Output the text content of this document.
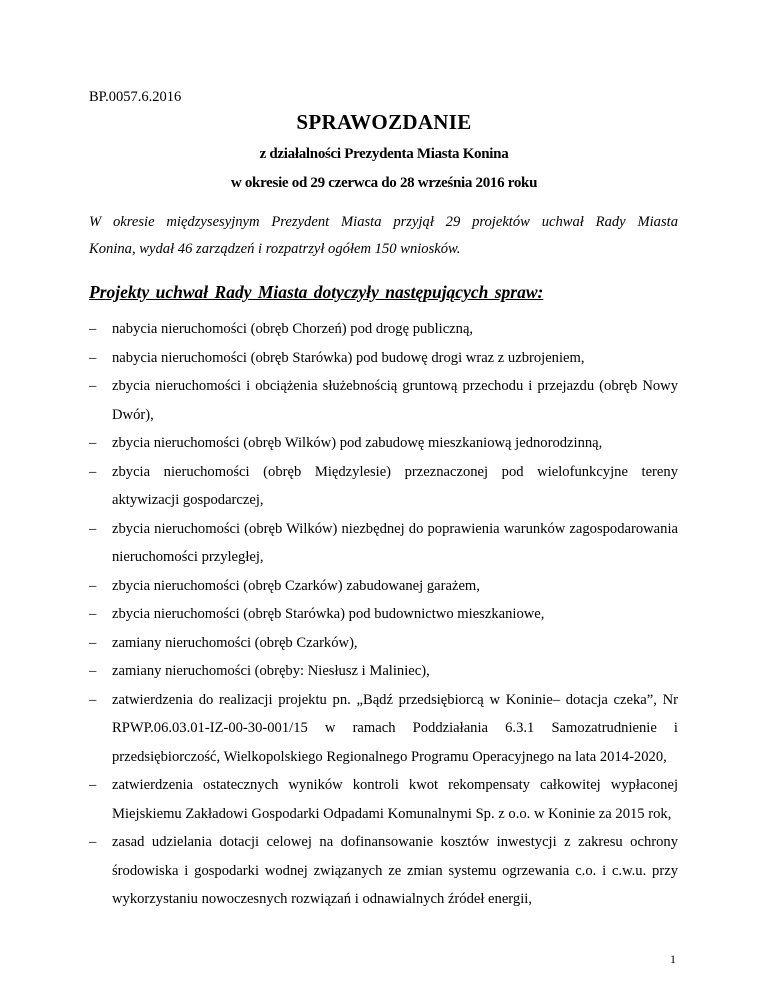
BP.0057.6.2016
SPRAWOZDANIE
z działalności Prezydenta Miasta Konina
w okresie od 29 czerwca do 28 września 2016 roku
W okresie międzysesyjnym Prezydent Miasta przyjął 29 projektów uchwał Rady Miasta
Konina, wydał 46 zarządzeń i rozpatrzył ogółem 150 wniosków.
Projekty uchwał Rady Miasta dotyczyły następujących spraw:
– nabycia nieruchomości (obręb Chorzeń) pod drogę publiczną,
– nabycia nieruchomości (obręb Starówka) pod budowę drogi wraz z uzbrojeniem,
– zbycia nieruchomości i obciążenia służebnością gruntową przechodu i przejazdu (obręb Nowy Dwór),
– zbycia nieruchomości (obręb Wilków) pod zabudowę mieszkaniową jednorodzinną,
– zbycia nieruchomości (obręb Międzylesie) przeznaczonej pod wielofunkcyjne tereny aktywizacji gospodarczej,
– zbycia nieruchomości (obręb Wilków) niezbędnej do poprawienia warunków zagospodarowania nieruchomości przyległej,
– zbycia nieruchomości (obręb Czarków) zabudowanej garażem,
– zbycia nieruchomości (obręb Starówka) pod budownictwo mieszkaniowe,
– zamiany nieruchomości (obręb Czarków),
– zamiany nieruchomości (obręby: Niesłusz i Maliniec),
– zatwierdzenia do realizacji projektu pn. „Bądź przedsiębiorcą w Koninie– dotacja czeka”, Nr RPWP.06.03.01-IZ-00-30-001/15 w ramach Poddziałania 6.3.1 Samozatrudnienie i przedsiębiorczość, Wielkopolskiego Regionalnego Programu Operacyjnego na lata 2014-2020,
– zatwierdzenia ostatecznych wyników kontroli kwot rekompensaty całkowitej wypłaconej Miejskiemu Zakładowi Gospodarki Odpadami Komunalnymi Sp. z o.o. w Koninie za 2015 rok,
– zasad udzielania dotacji celowej na dofinansowanie kosztów inwestycji z zakresu ochrony środowiska i gospodarki wodnej związanych ze zmian systemu ogrzewania c.o. i c.w.u. przy wykorzystaniu nowoczesnych rozwiązań i odnawialnych źródeł energii,
1
